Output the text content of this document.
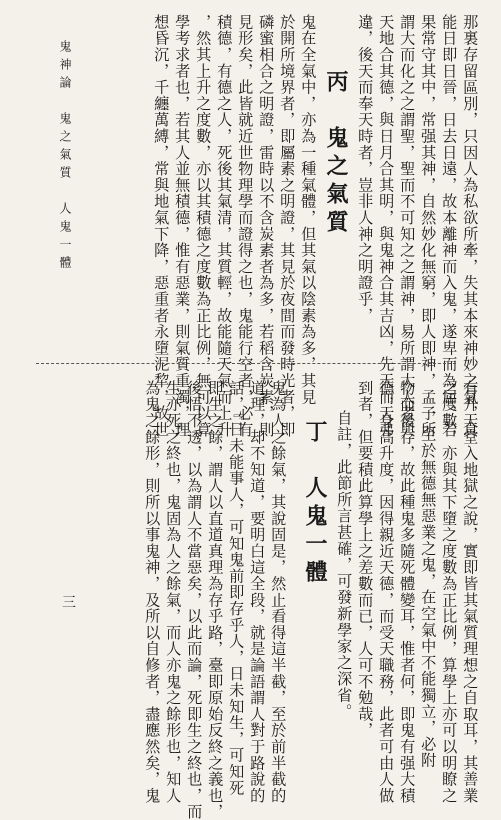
那裏存留區別，只因人為私欲所牽，失其本來神妙之氣，真
能日即日晉，日去日遠，故本離神而入鬼，遂卑而為屈，若
果常守其中，常强其神，自然妙化無窮，即人即神，孟子所
謂大而化之之謂聖，聖而不可知之之謂神，易所謂大人者與
天地合其德，與日月合其明，與鬼神合其吉凶，先天而天弗
違，後天而奉天時者，豈非人神之明證乎，
丙　鬼之氣質
鬼在全氣中，亦為一種氣體，但其氣以陰素為多，其見
於開所境界者，即屬素之明證，其見於夜間而發時光者，即
磷蜜相合之明證，雷時以不含炭素者為多，若稻含炭素，則
見形矣，此皆就近世物理學而證得之也，鬼能行空者，必有
積德，有德之人，死後其氣清，其質輕，故能隨天氣而上升
，然其上升之度數，亦以其積德之度數為正比例，無可以算
學考求者也，若其人並無積德，惟有惡業，則氣質重濁，理
想昏沉，千纏萬縛，常與地氣下降，惡重者永墮泥犂，故世
鬼神論　鬼之氣質　人鬼一體
有升天堂入地獄之說，實即皆其氣質理想之自取耳，其善業
之度數，亦與其下墮之度數為正比例，算學上亦可以明瞭之
，至於無德無惡業之鬼，在空氣中不能獨立，必附
物而後存，故此種鬼多隨死體變耳，惟者何，即鬼有强大積
德，身高升度，因得親近天德，而受天職務，此者可由人做
到者，但要積此算學上之差數而已，人可不勉哉，
自註，此節所言甚確，可發新學家之深省。
丁　人鬼一體
鬼為人之餘氣，其說固是，然止看得這半截，至於前半截的
道理，却不知道，要明白這全段，就是論語謂人對于路說的
話，『日未能事人，可知鬼前即存乎人，日未知生，可知死
即生之餘，謂人以直道真理為存乎路，臺即原始反終之義也，
後悟不透，以為謂人不當惡矣，以此而論，死即生之終也，而
生亦死之終也，鬼固為人之餘氣，而人亦鬼之餘形也，知人
為鬼之餘形，則所以事鬼神，及所以自修者，盡應然矣，鬼
三
